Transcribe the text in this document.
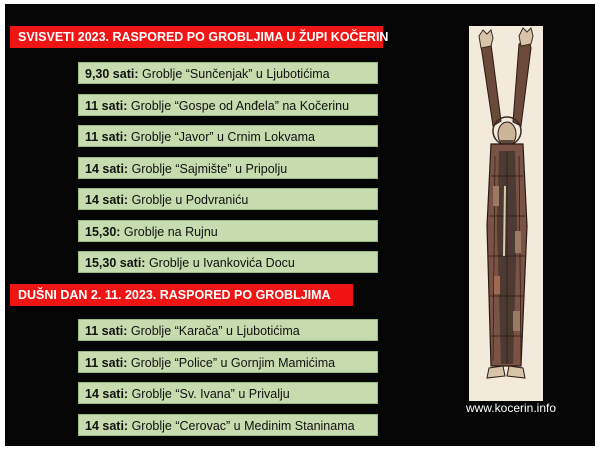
SVISVETI 2023. RASPORED PO GROBLJIMA U ŽUPI KOČERIN
9,30 sati: Groblje “Sunčenjak” u Ljubotićima
11 sati: Groblje “Gospe od Anđela” na Kočerinu
11 sati: Groblje “Javor” u Crnim Lokvama
14 sati: Groblje “Sajmište” u Pripolju
14 sati: Groblje u Podvraniću
15,30: Groblje na Rujnu
15,30 sati: Groblje u Ivankovića Docu
DUŠNI DAN 2. 11. 2023. RASPORED PO GROBLJIMA
11 sati: Groblje “Karača” u Ljubotićima
11 sati: Groblje “Police” u Gornjim Mamićima
14 sati: Groblje “Sv. Ivana” u Privalju
14 sati: Groblje “Cerovac” u Medinim Staninama
www.kocerin.info
